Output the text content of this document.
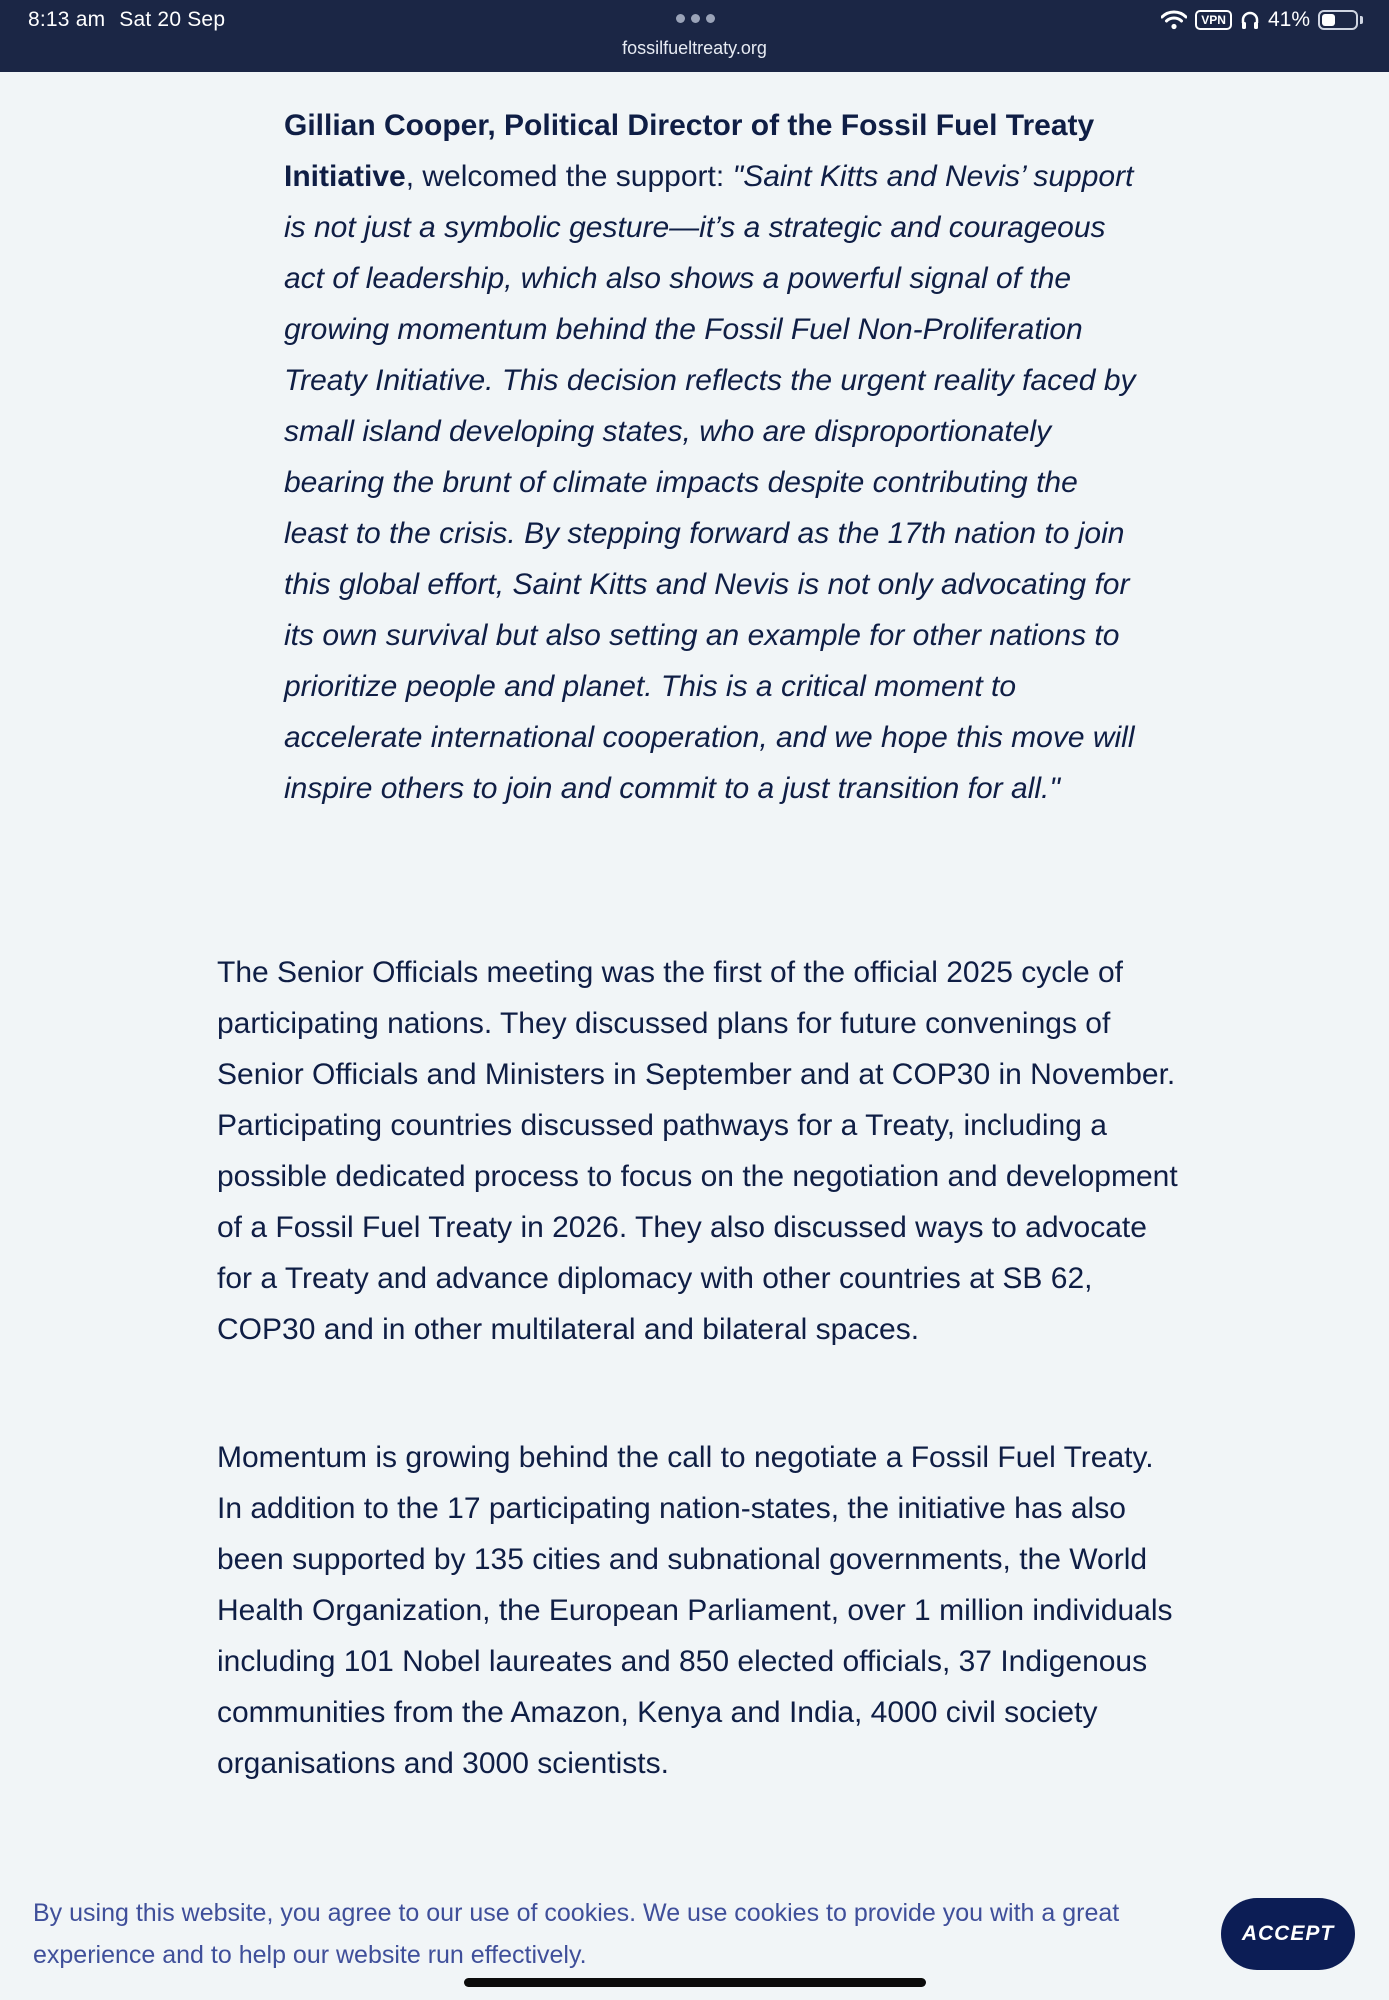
8:13 am Sat 20 Sep
fossilfueltreaty.org
VPN 41%

Gillian Cooper, Political Director of the Fossil Fuel Treaty Initiative, welcomed the support: "Saint Kitts and Nevis’ support is not just a symbolic gesture—it’s a strategic and courageous act of leadership, which also shows a powerful signal of the growing momentum behind the Fossil Fuel Non-Proliferation Treaty Initiative. This decision reflects the urgent reality faced by small island developing states, who are disproportionately bearing the brunt of climate impacts despite contributing the least to the crisis. By stepping forward as the 17th nation to join this global effort, Saint Kitts and Nevis is not only advocating for its own survival but also setting an example for other nations to prioritize people and planet. This is a critical moment to accelerate international cooperation, and we hope this move will inspire others to join and commit to a just transition for all."

The Senior Officials meeting was the first of the official 2025 cycle of participating nations. They discussed plans for future convenings of Senior Officials and Ministers in September and at COP30 in November. Participating countries discussed pathways for a Treaty, including a possible dedicated process to focus on the negotiation and development of a Fossil Fuel Treaty in 2026. They also discussed ways to advocate for a Treaty and advance diplomacy with other countries at SB 62, COP30 and in other multilateral and bilateral spaces.

Momentum is growing behind the call to negotiate a Fossil Fuel Treaty. In addition to the 17 participating nation-states, the initiative has also been supported by 135 cities and subnational governments, the World Health Organization, the European Parliament, over 1 million individuals including 101 Nobel laureates and 850 elected officials, 37 Indigenous communities from the Amazon, Kenya and India, 4000 civil society organisations and 3000 scientists.

By using this website, you agree to our use of cookies. We use cookies to provide you with a great experience and to help our website run effectively.

ACCEPT
